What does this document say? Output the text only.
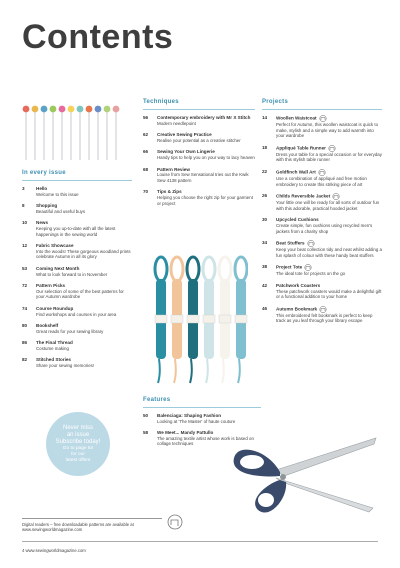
Contents
In every issue
3	Hello
Welcome to this issue
8	Shopping
Beautiful and useful buys
10	News
Keeping you up-to-date with all the latest happenings in the sewing world
12	Fabric Showcase
Into the woods! These gorgeous woodland prints celebrate Autumn in all its glory
53	Coming Next Month
What to look forward to in November
72	Pattern Picks
Our selection of some of the best patterns for your Autumn wardrobe
74	Course Roundup
Find workshops and courses in your area
80	Bookshelf
Great reads for your sewing library
86	The Final Thread
Costume making
82	Stitched Stories
Share your sewing memories!
Techniques
56	Contemporary embroidery with Mr X Stitch
Modern needlepoint
62	Creative Sewing Practice
Realise your potential as a creative stitcher
66	Sewing Your Own Lingerie
Handy tips to help you on your way to lacy heaven
68	Pattern Review
Louise from Sew Sensational tries out the Kwik Sew 4138 pattern
70	Tips & Zips
Helping you choose the right zip for your garment or project
Features
50	Balenciaga: Shaping Fashion
Looking at 'The Master' of haute couture
58	We Meet... Mandy Pattullo
The amazing textile artist whose work is based on collage techniques
Projects
14	Woollen Waistcoat
Perfect for Autumn, this woollen waistcoat is quick to make, stylish and a simple way to add warmth into your wardrobe
18	Appliqué Table Runner
Dress your table for a special occasion or for everyday with this stylish table runner
22	Goldfinch Wall Art
Use a combination of appliqué and free motion embroidery to create this striking piece of art
26	Childs Reversible Jacket
Your little one will be ready for all sorts of outdoor fun with this adorable, practical hooded jacket
30	Upcycled Cushions
Create simple, fun cushions using recycled men's jackets from a charity shop
34	Beat Stuffers
Keep your beat collection tidy and neat whilst adding a fun splash of colour with these handy beat stuffers
38	Project Tote
The ideal tote for projects on the go
42	Patchwork Coasters
These patchwork coasters would make a delightful gift or a functional addition to your home
46	Autumn Bookmark
This embroidered felt bookmark is perfect to keep track as you leaf through your library escape
Never miss
an issue
Subscribe today!
Go to page 54
for our
latest offers
Digital readers – free downloadable patterns are available at www.sewingworldmagazine.com
4 www.sewingworldmagazine.com
